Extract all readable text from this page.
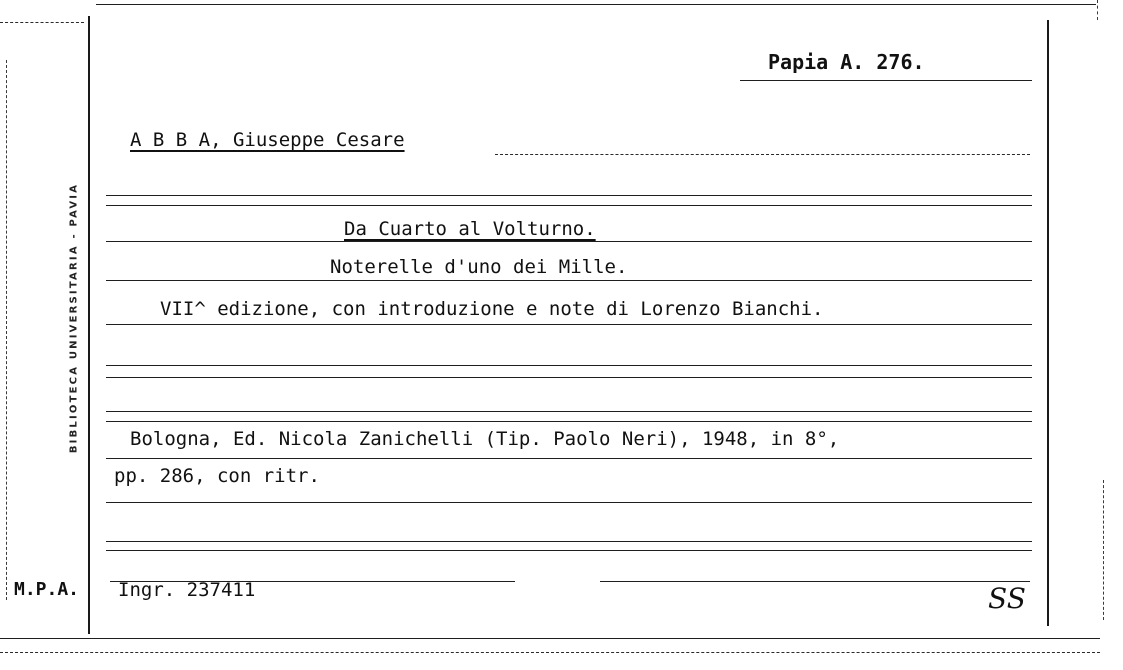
BIBLIOTECA UNIVERSITARIA - PAVIA
Papia A. 276.
A B B A, Giuseppe Cesare
Da Cuarto al Volturno.
Noterelle d'uno dei Mille.
VII^ edizione, con introduzione e note di Lorenzo Bianchi.
Bologna, Ed. Nicola Zanichelli (Tip. Paolo Neri), 1948, in 8°,
pp. 286, con ritr.
M.P.A. Ingr. 237411	SS
